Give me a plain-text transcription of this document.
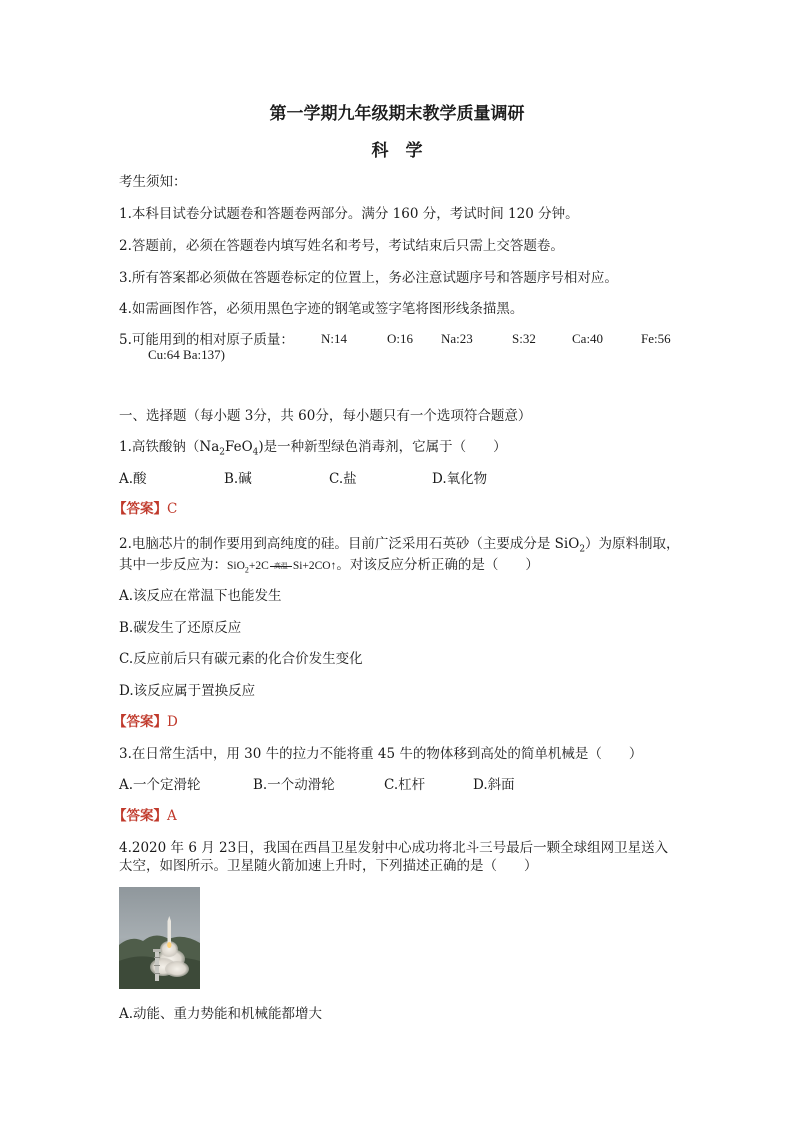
第一学期九年级期末教学质量调研
科　学
考生须知：
1.本科目试卷分试题卷和答题卷两部分。满分 160 分，考试时间 120 分钟。
2.答题前，必须在答题卷内填写姓名和考号，考试结束后只需上交答题卷。
3.所有答案都必须做在答题卷标定的位置上，务必注意试题序号和答题序号相对应。
4.如需画图作答，必须用黑色字迹的钢笔或签字笔将图形线条描黑。
5.可能用到的相对原子质量： N:14	O:16 Na:23	S:32	Ca:40	Fe:56
Cu:64 Ba:137)
一、选择题（每小题 3分，共 60分，每小题只有一个选项符合题意）
1.高铁酸钠$(Na_2FeO_4)$是一种新型绿色消毒剂，它属于（　　）
A.酸	B.碱	C.盐	D.氧化物
【答案】C
2.电脑芯片的制作要用到高纯度的硅。目前广泛采用石英砂（主要成分是 SiO$_2$）为原料制取，
其中一步反应为：SiO$_2$+2C 高温 Si+2CO↑。对该反应分析正确的是（　　）
A.该反应在常温下也能发生
B.碳发生了还原反应
C.反应前后只有碳元素的化合价发生变化
D.该反应属于置换反应
【答案】D
3.在日常生活中，用 30 牛的拉力不能将重 45 牛的物体移到高处的简单机械是（　　）
A.一个定滑轮	B.一个动滑轮	C.杠杆	D.斜面
【答案】A
4.2020 年 6 月 23日，我国在西昌卫星发射中心成功将北斗三号最后一颗全球组网卫星送入
太空，如图所示。卫星随火箭加速上升时，下列描述正确的是（　　）
A.动能、重力势能和机械能都增大
